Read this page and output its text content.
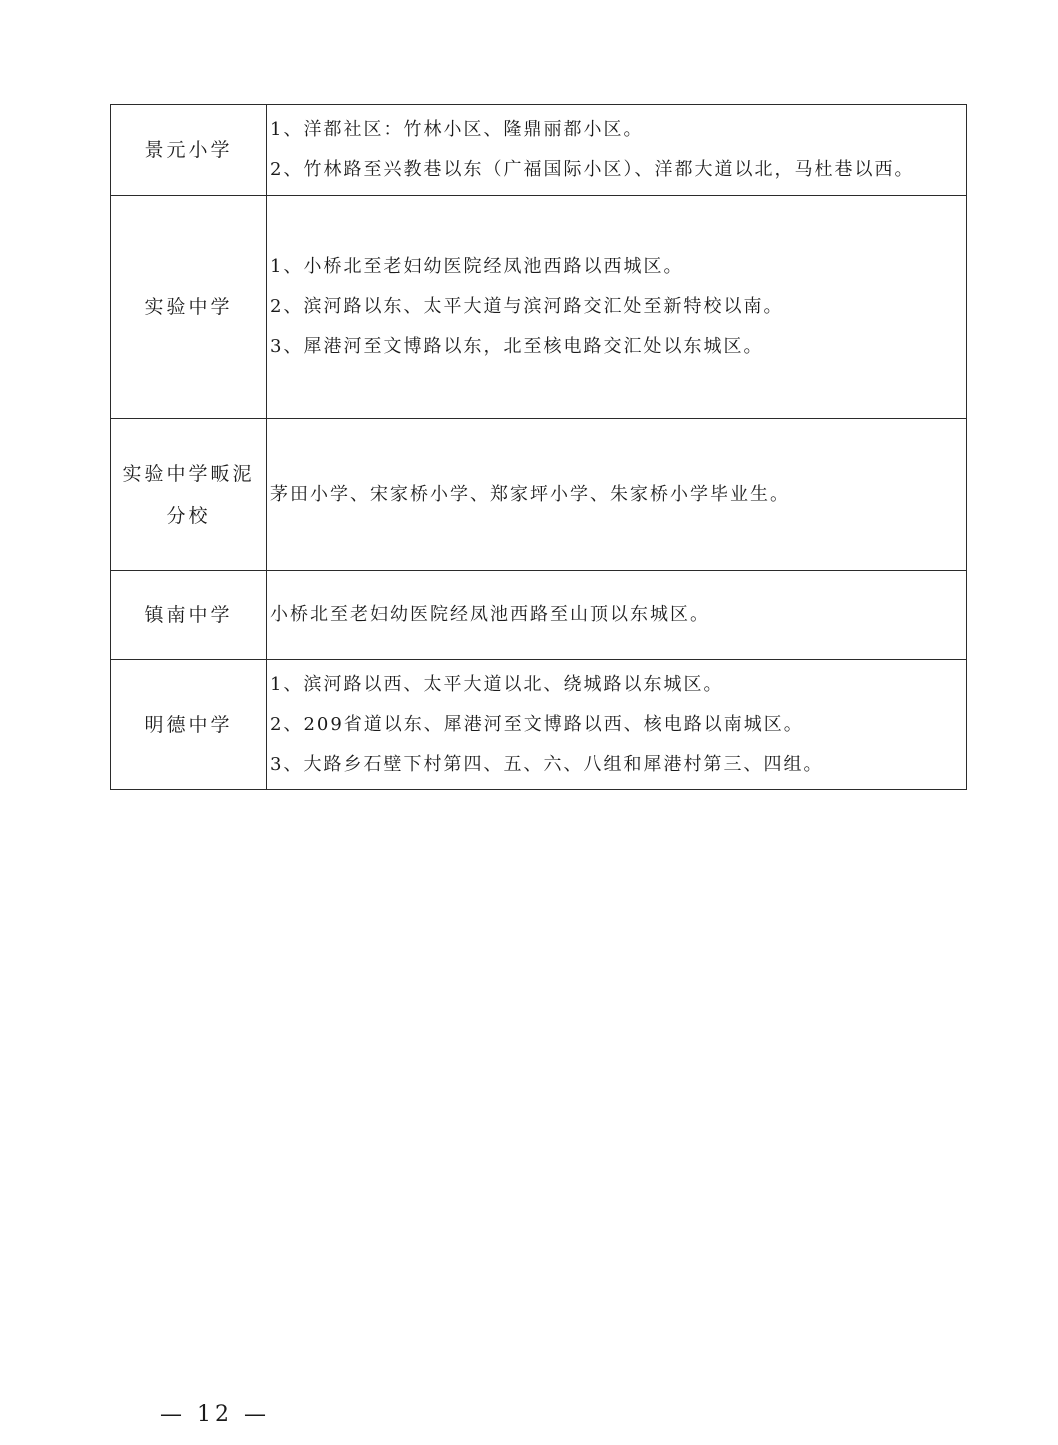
景元小学	1、洋都社区：竹林小区、隆鼎丽都小区。
2、竹林路至兴教巷以东（广福国际小区）、洋都大道以北，马杜巷以西。

实验中学	1、小桥北至老妇幼医院经凤池西路以西城区。
2、滨河路以东、太平大道与滨河路交汇处至新特校以南。
3、犀港河至文博路以东，北至核电路交汇处以东城区。

实验中学畈泥
分校	茅田小学、宋家桥小学、郑家坪小学、朱家桥小学毕业生。

镇南中学	小桥北至老妇幼医院经凤池西路至山顶以东城区。

明德中学	1、滨河路以西、太平大道以北、绕城路以东城区。
2、209省道以东、犀港河至文博路以西、核电路以南城区。
3、大路乡石壁下村第四、五、六、八组和犀港村第三、四组。
— 12 —
